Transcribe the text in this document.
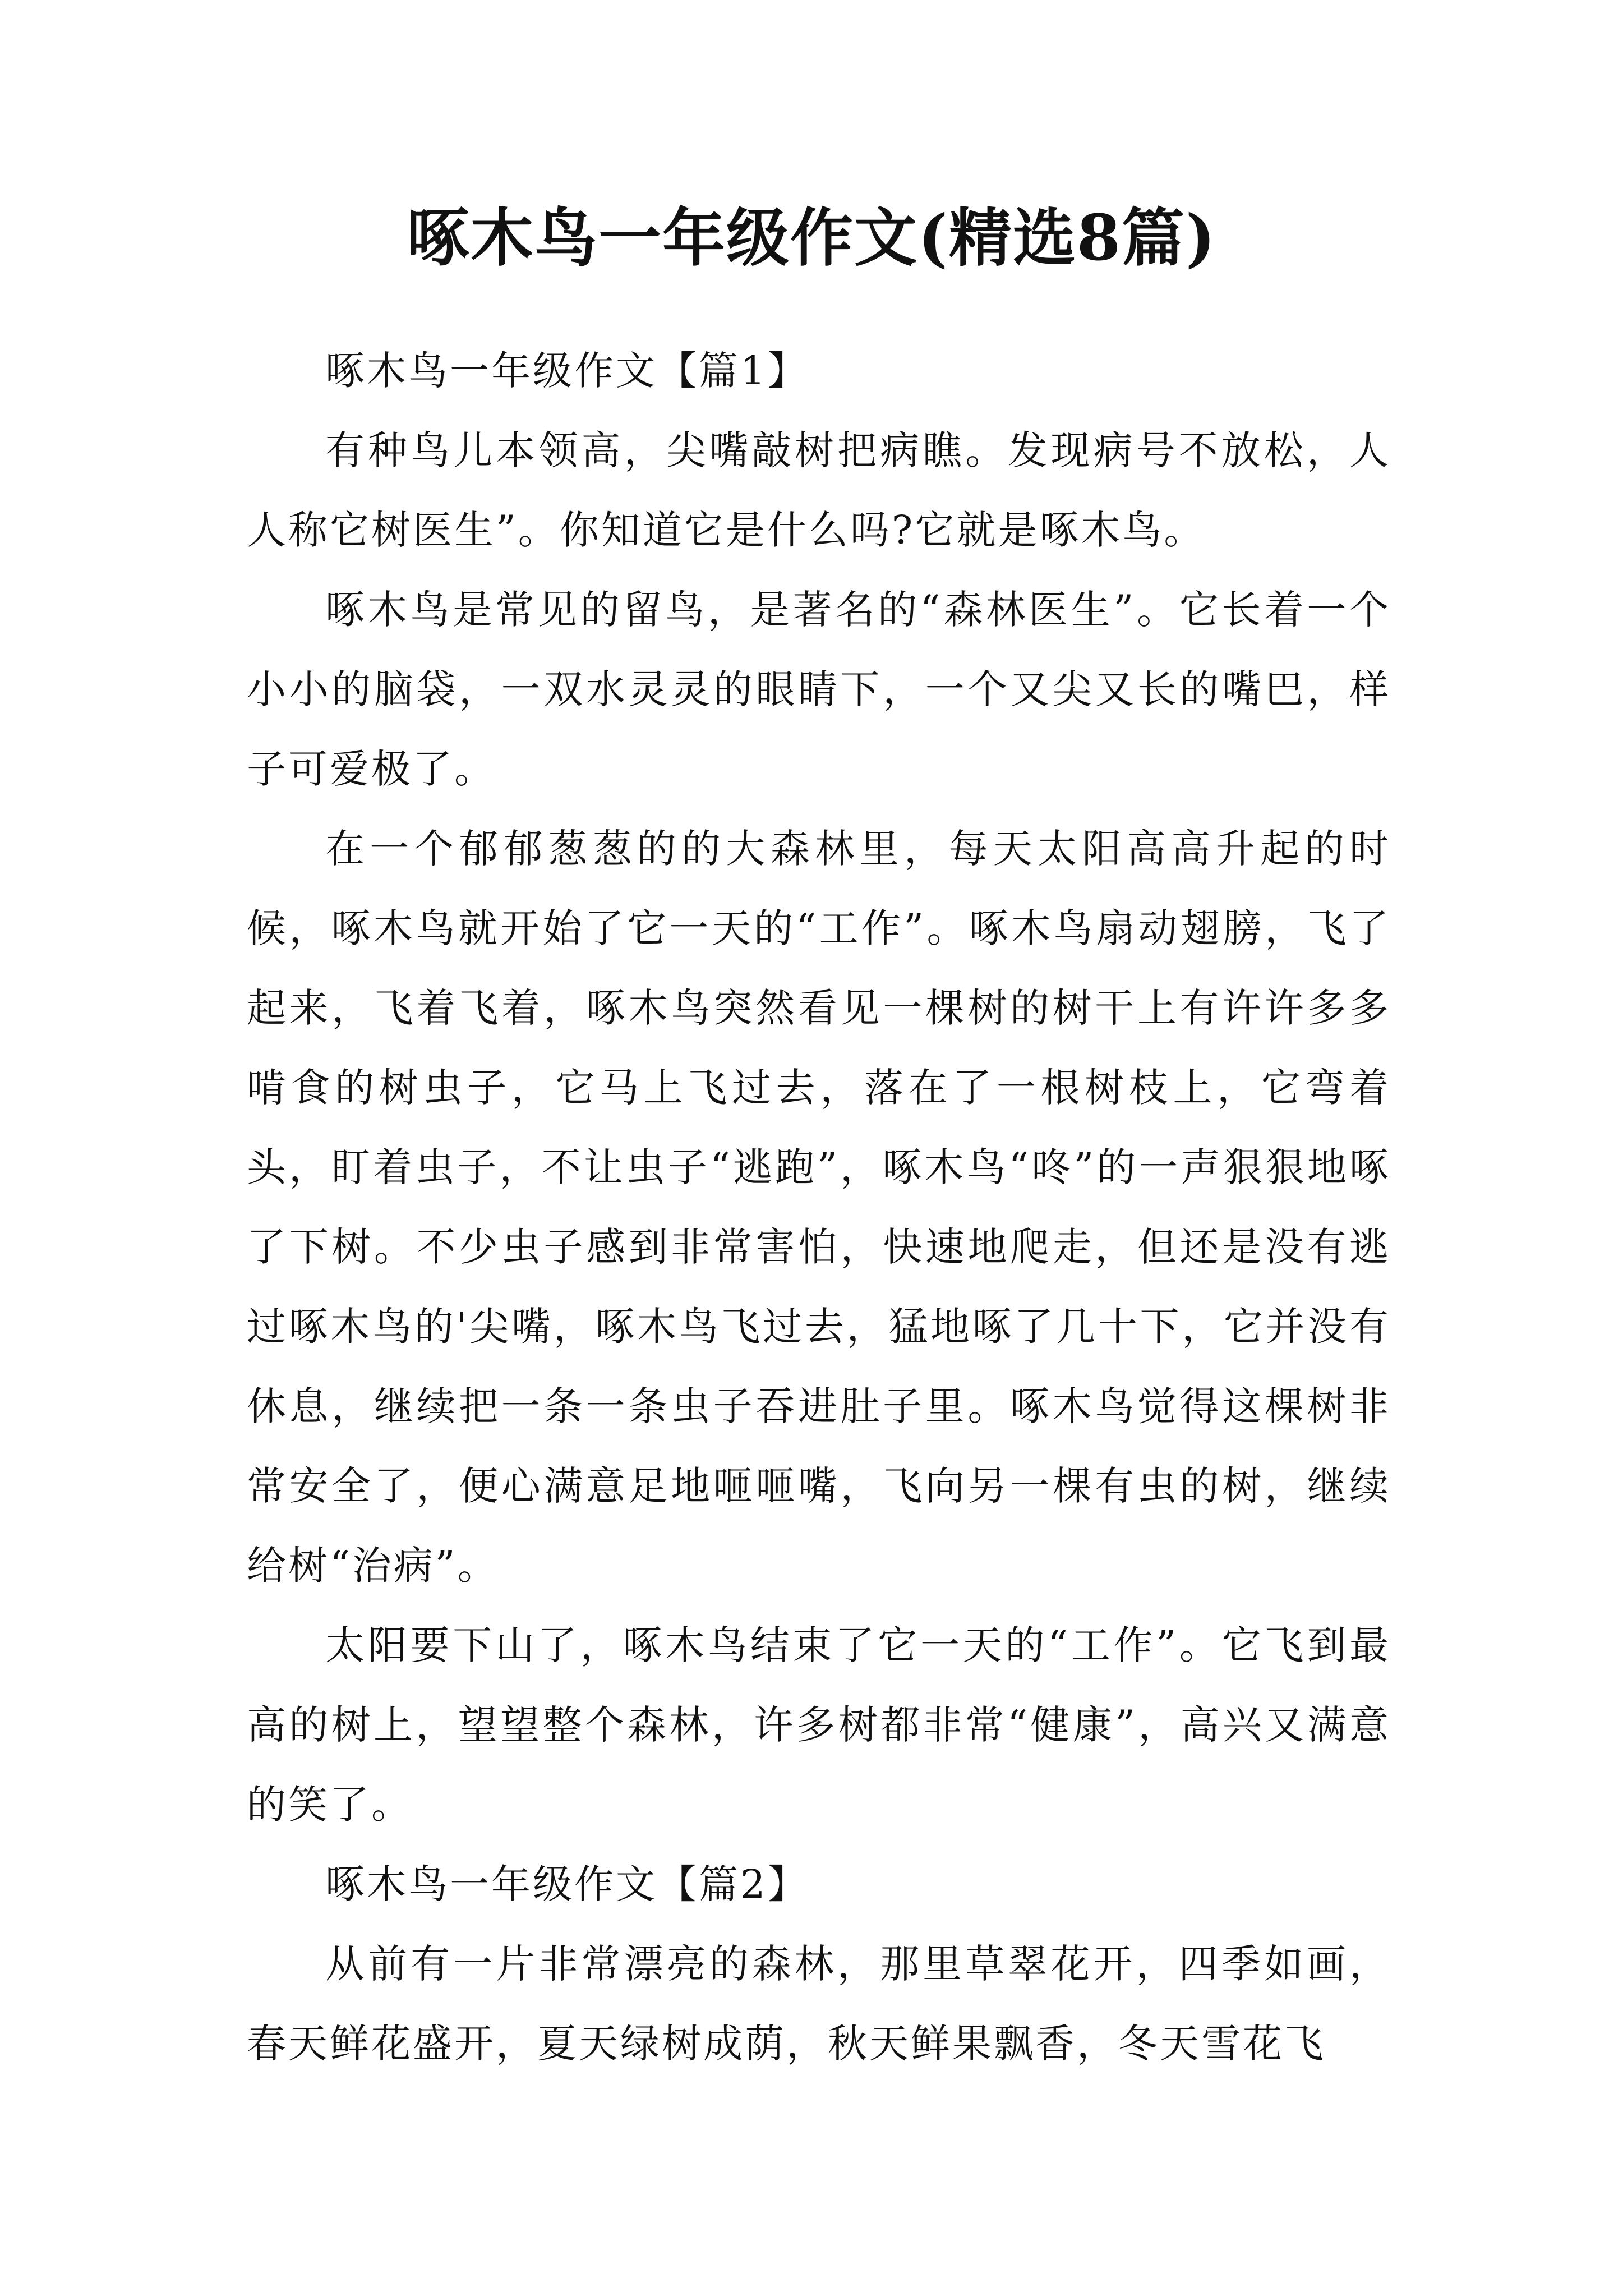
啄木鸟一年级作文(精选8篇)

啄木鸟一年级作文【篇1】

有种鸟儿本领高，尖嘴敲树把病瞧。发现病号不放松，人人称它树医生”。你知道它是什么吗?它就是啄木鸟。

啄木鸟是常见的留鸟，是著名的“森林医生”。它长着一个小小的脑袋，一双水灵灵的眼睛下，一个又尖又长的嘴巴，样子可爱极了。

在一个郁郁葱葱的的大森林里，每天太阳高高升起的时候，啄木鸟就开始了它一天的“工作”。啄木鸟扇动翅膀，飞了起来，飞着飞着，啄木鸟突然看见一棵树的树干上有许许多多啃食的树虫子，它马上飞过去，落在了一根树枝上，它弯着头，盯着虫子，不让虫子“逃跑”，啄木鸟“咚”的一声狠狠地啄了下树。不少虫子感到非常害怕，快速地爬走，但还是没有逃过啄木鸟的'尖嘴，啄木鸟飞过去，猛地啄了几十下，它并没有休息，继续把一条一条虫子吞进肚子里。啄木鸟觉得这棵树非常安全了，便心满意足地咂咂嘴，飞向另一棵有虫的树，继续给树“治病”。

太阳要下山了，啄木鸟结束了它一天的“工作”。它飞到最高的树上，望望整个森林，许多树都非常“健康”，高兴又满意的笑了。

啄木鸟一年级作文【篇2】

从前有一片非常漂亮的森林，那里草翠花开，四季如画，春天鲜花盛开，夏天绿树成荫，秋天鲜果飘香，冬天雪花飞
